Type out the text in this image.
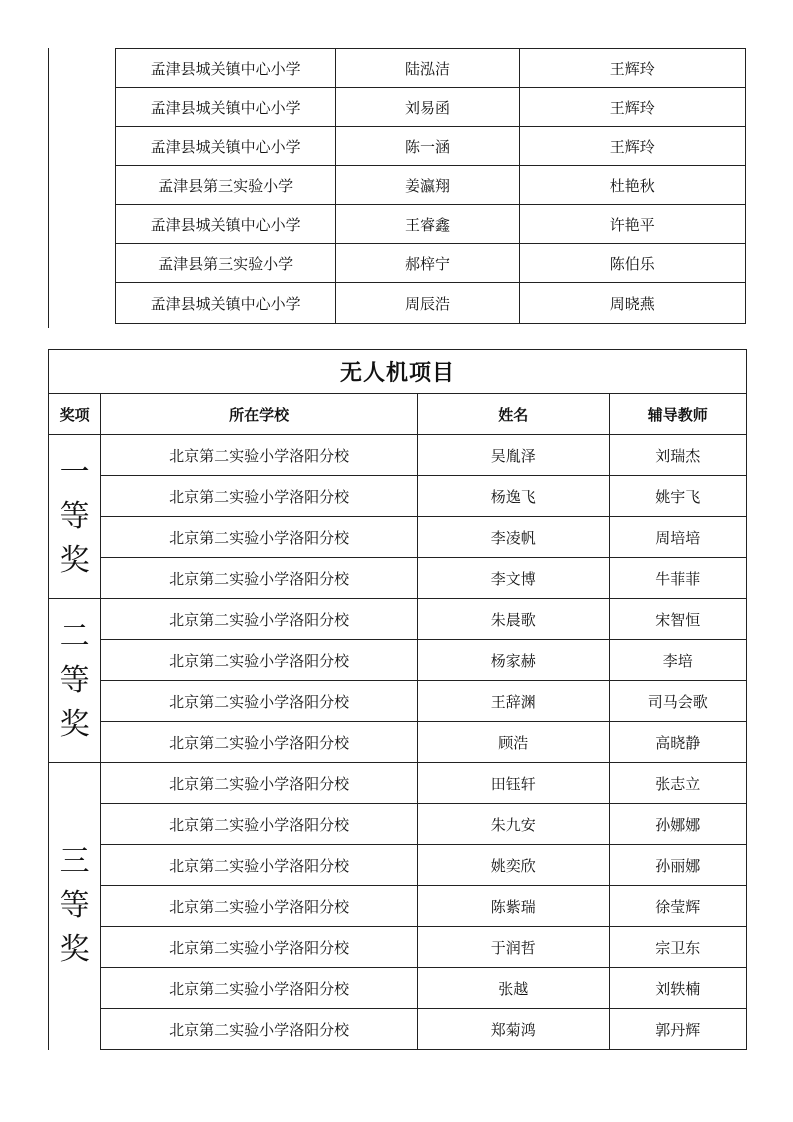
孟津县城关镇中心小学	陆泓洁	王辉玲
孟津县城关镇中心小学	刘易函	王辉玲
孟津县城关镇中心小学	陈一涵	王辉玲
孟津县第三实验小学	姜瀛翔	杜艳秋
孟津县城关镇中心小学	王睿鑫	许艳平
孟津县第三实验小学	郝梓宁	陈伯乐
孟津县城关镇中心小学	周辰浩	周晓燕
无人机项目			
奖项	所在学校	姓名	辅导教师

一
等
奖	北京第二实验小学洛阳分校	吴胤泽	刘瑞杰
	北京第二实验小学洛阳分校	杨逸飞	姚宇飞
	北京第二实验小学洛阳分校	李凌帆	周培培
	北京第二实验小学洛阳分校	李文博	牛菲菲

二
等
奖	北京第二实验小学洛阳分校	朱晨歌	宋智恒
	北京第二实验小学洛阳分校	杨家赫	李培
	北京第二实验小学洛阳分校	王辞渊	司马会歌
	北京第二实验小学洛阳分校	顾浩	高晓静

三
等
奖	北京第二实验小学洛阳分校	田钰轩	张志立
	北京第二实验小学洛阳分校	朱九安	孙娜娜
	北京第二实验小学洛阳分校	姚奕欣	孙丽娜
	北京第二实验小学洛阳分校	陈紫瑞	徐莹辉
	北京第二实验小学洛阳分校	于润哲	宗卫东
	北京第二实验小学洛阳分校	张越	刘轶楠
	北京第二实验小学洛阳分校	郑菊鸿	郭丹辉
